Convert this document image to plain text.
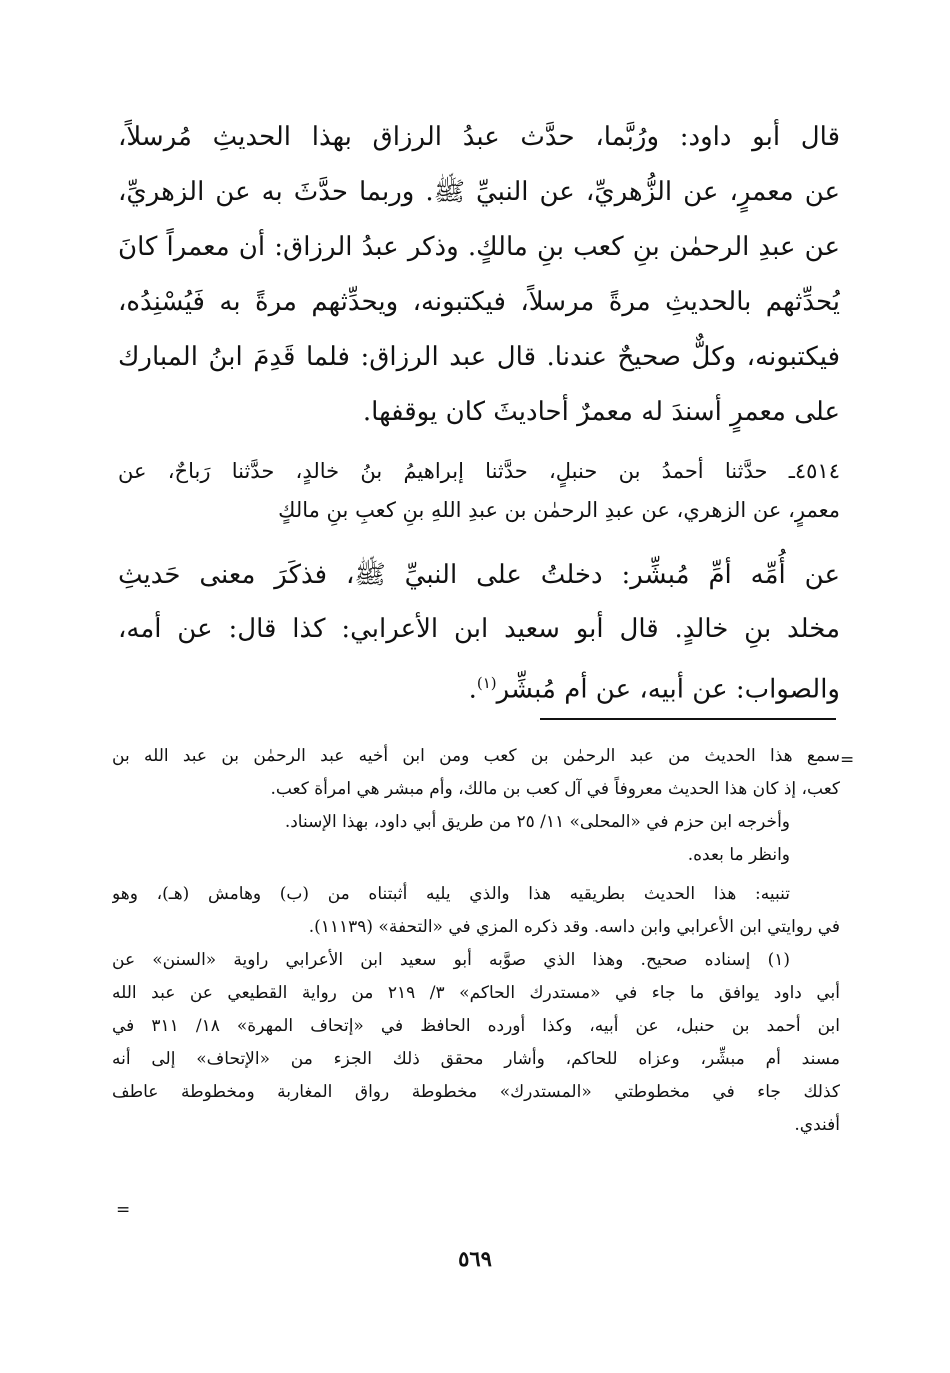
قال أبو داود: ورُبَّما، حدَّث عبدُ الرزاق بهذا الحديثِ مُرسلاً،
عن معمرٍ، عن الزُّهريِّ، عن النبيِّ ﷺ. وربما حدَّثَ به عن الزهريِّ،
عن عبدِ الرحمٰن بنِ كعب بنِ مالكٍ. وذكر عبدُ الرزاق: أن معمراً كانَ
يُحدِّثهم بالحديثِ مرةً مرسلاً، فيكتبونه، ويحدِّثهم مرةً به فَيُسْنِدُه،
فيكتبونه، وكلٌّ صحيحٌ عندنا. قال عبد الرزاق: فلما قَدِمَ ابنُ المبارك
على معمرٍ أسندَ له معمرٌ أحاديثَ كان يوقفها.
٤٥١٤ـ حدَّثنا أحمدُ بن حنبلٍ، حدَّثنا إبراهيمُ بنُ خالدٍ، حدَّثنا رَباحٌ، عن
معمرٍ، عن الزهري، عن عبدِ الرحمٰن بن عبدِ اللهِ بنِ كعبِ بنِ مالكٍ
عن أُمِّه أمِّ مُبشِّر: دخلتُ على النبيِّ ﷺ، فذكَرَ معنى حَديثِ
مخلد بنِ خالدٍ. قال أبو سعيد ابن الأعرابي: كذا قال: عن أمه،
والصواب: عن أبيه، عن أم مُبشِّر$^{(١)}$.
=
سمع هذا الحديث من عبد الرحمٰن بن كعب ومن ابن أخيه عبد الرحمٰن بن عبد الله بن
كعب، إذ كان هذا الحديث معروفاً في آل كعب بن مالك، وأم مبشر هي امرأة كعب.
وأخرجه ابن حزم في «المحلى» ١١/ ٢٥ من طريق أبي داود، بهذا الإسناد.
وانظر ما بعده.
تنبيه: هذا الحديث بطريقيه هذا والذي يليه أثبتناه من (ب) وهامش (هـ)، وهو
في روايتي ابن الأعرابي وابن داسه. وقد ذكره المزي في «التحفة» (١١١٣٩).
(١) إسناده صحيح. وهذا الذي صوَّبه أبو سعيد ابن الأعرابي راوية «السنن» عن
أبي داود يوافق ما جاء في «مستدرك الحاكم» ٣/ ٢١٩ من رواية القطيعي عن عبد الله
ابن أحمد بن حنبل، عن أبيه، وكذا أورده الحافظ في «إتحاف المهرة» ١٨/ ٣١١ في
مسند أم مبشِّر، وعزاه للحاكم، وأشار محقق ذلك الجزء من «الإتحاف» إلى أنه
كذلك جاء في مخطوطتي «المستدرك» مخطوطة رواق المغاربة ومخطوطة عاطف
أفندي.
=
٥٦٩
